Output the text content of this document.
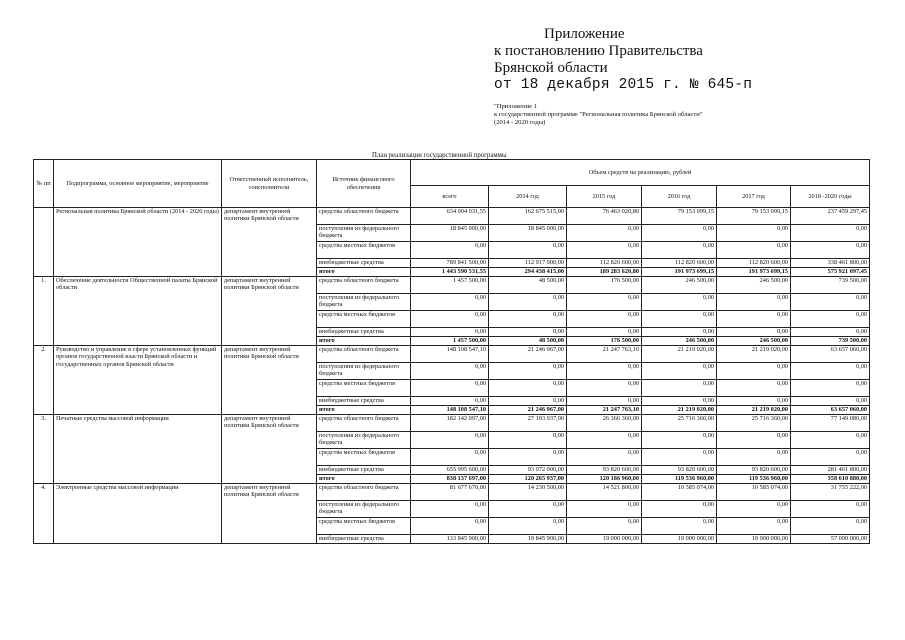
Приложение
к постановлению Правительства
Брянской области
от 18 декабря 2015 г. № 645-п
"Приложение 1
к государственной программе "Региональная политика Брянской области"
(2014 - 2020 годы)
План реализации государственной программы
№ пп	Подпрограмма, основное мероприятие, мероприятие	Ответственный исполнитель, соисполнители	Источник финансового обеспечения	Объем средств на реализацию, рублей					
				всего	2014 год	2015 год	2016 год	2017 год	2018 -2020 годы
	Региональная политика Брянской области (2014 - 2020 годы)	департамент внутренней политики Брянской области	средства областного бюджета	634 904 031,55	162 675 515,00	76 463 020,80	79 153 099,15	79 153 099,15	237 459 297,45
			поступления из федерального бюджета	18 845 000,00	18 845 000,00	0,00	0,00	0,00	0,00
			средства местных бюджетов	0,00	0,00	0,00	0,00	0,00	0,00
			внебюджетные средства	789 841 500,00	112 917 900,00	112 820 600,00	112 820 600,00	112 820 600,00	338 461 800,00
			итого	1 443 590 531,55	294 438 415,00	189 283 620,80	191 973 699,15	191 973 699,15	575 921 097,45
1.	Обеспечение деятельности Общественной палаты Брянской области	департамент внутренней политики Брянской области	средства областного бюджета	1 457 500,00	48 500,00	176 500,00	246 500,00	246 500,00	739 500,00
			поступления из федерального бюджета	0,00	0,00	0,00	0,00	0,00	0,00
			средства местных бюджетов	0,00	0,00	0,00	0,00	0,00	0,00
			внебюджетные средства	0,00	0,00	0,00	0,00	0,00	0,00
			итого	1 457 500,00	48 500,00	176 500,00	246 500,00	246 500,00	739 500,00
2.	Руководство и управление в сфере установленных функций органов государственной власти Брянской области и государственных органов Брянской области	департамент внутренней политики Брянской области	средства областного бюджета	148 108 547,10	21 246 967,00	21 247 763,10	21 219 020,00	21 219 020,00	63 657 060,00
			поступления из федерального бюджета	0,00	0,00	0,00	0,00	0,00	0,00
			средства местных бюджетов	0,00	0,00	0,00	0,00	0,00	0,00
			внебюджетные средства	0,00	0,00	0,00	0,00	0,00	0,00
			итого	148 108 547,10	21 246 967,00	21 247 763,10	21 219 020,00	21 219 020,00	63 657 060,00
3.	Печатные средства массовой информации	департамент внутренней политики Брянской области	средства областного бюджета	182 142 097,00	27 193 937,00	26 366 360,00	25 716 360,00	25 716 360,00	77 149 080,00
			поступления из федерального бюджета	0,00	0,00	0,00	0,00	0,00	0,00
			средства местных бюджетов	0,00	0,00	0,00	0,00	0,00	0,00
			внебюджетные средства	655 995 600,00	93 072 000,00	93 820 600,00	93 820 600,00	93 820 600,00	281 461 800,00
			итого	838 137 697,00	120 265 937,00	120 186 960,00	119 536 960,00	119 536 960,00	358 610 880,00
4.	Электронные средства массовой информации	департамент внутренней политики Брянской области	средства областного бюджета	81 677 670,00	14 230 500,00	14 521 800,00	10 585 074,00	10 585 074,00	31 755 222,00
			поступления из федерального бюджета	0,00	0,00	0,00	0,00	0,00	0,00
			средства местных бюджетов	0,00	0,00	0,00	0,00	0,00	0,00
			внебюджетные средства	133 845 900,00	19 845 900,00	19 000 000,00	19 000 000,00	19 000 000,00	57 000 000,00
